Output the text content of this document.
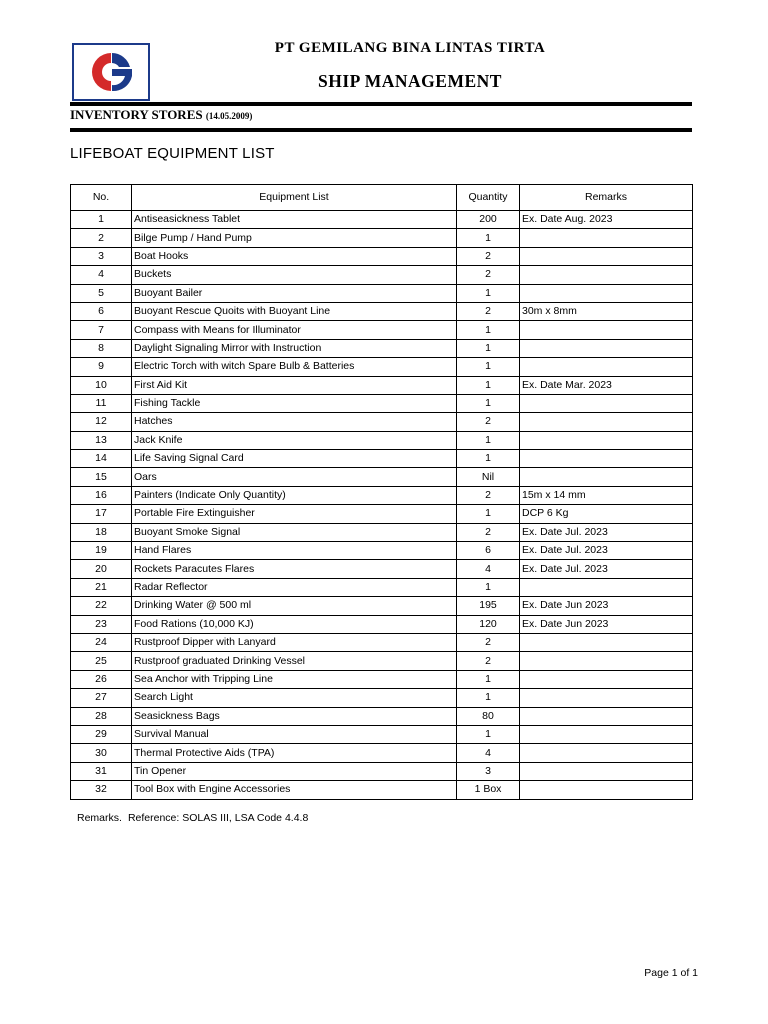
PT GEMILANG BINA LINTAS TIRTA
SHIP MANAGEMENT
INVENTORY STORES (14.05.2009)
LIFEBOAT EQUIPMENT LIST
No.	Equipment List	Quantity	Remarks
1	Antiseasickness Tablet	200	Ex. Date Aug. 2023
2	Bilge Pump / Hand Pump	1	
3	Boat Hooks	2	
4	Buckets	2	
5	Buoyant Bailer	1	
6	Buoyant Rescue Quoits with Buoyant Line	2	30m x 8mm
7	Compass with Means for Illuminator	1	
8	Daylight Signaling Mirror with Instruction	1	
9	Electric Torch with witch Spare Bulb & Batteries	1	
10	First Aid Kit	1	Ex. Date Mar. 2023
11	Fishing Tackle	1	
12	Hatches	2	
13	Jack Knife	1	
14	Life Saving Signal Card	1	
15	Oars	Nil	
16	Painters (Indicate Only Quantity)	2	15m x 14 mm
17	Portable Fire Extinguisher	1	DCP 6 Kg
18	Buoyant Smoke Signal	2	Ex. Date Jul. 2023
19	Hand Flares	6	Ex. Date Jul. 2023
20	Rockets Paracutes Flares	4	Ex. Date Jul. 2023
21	Radar Reflector	1	
22	Drinking Water @ 500 ml	195	Ex. Date Jun 2023
23	Food Rations (10,000 KJ)	120	Ex. Date Jun 2023
24	Rustproof Dipper with Lanyard	2	
25	Rustproof graduated Drinking Vessel	2	
26	Sea Anchor with Tripping Line	1	
27	Search Light	1	
28	Seasickness Bags	80	
29	Survival Manual	1	
30	Thermal Protective Aids (TPA)	4	
31	Tin Opener	3	
32	Tool Box with Engine Accessories	1 Box	
Remarks. Reference: SOLAS III, LSA Code 4.4.8
Page 1 of 1
